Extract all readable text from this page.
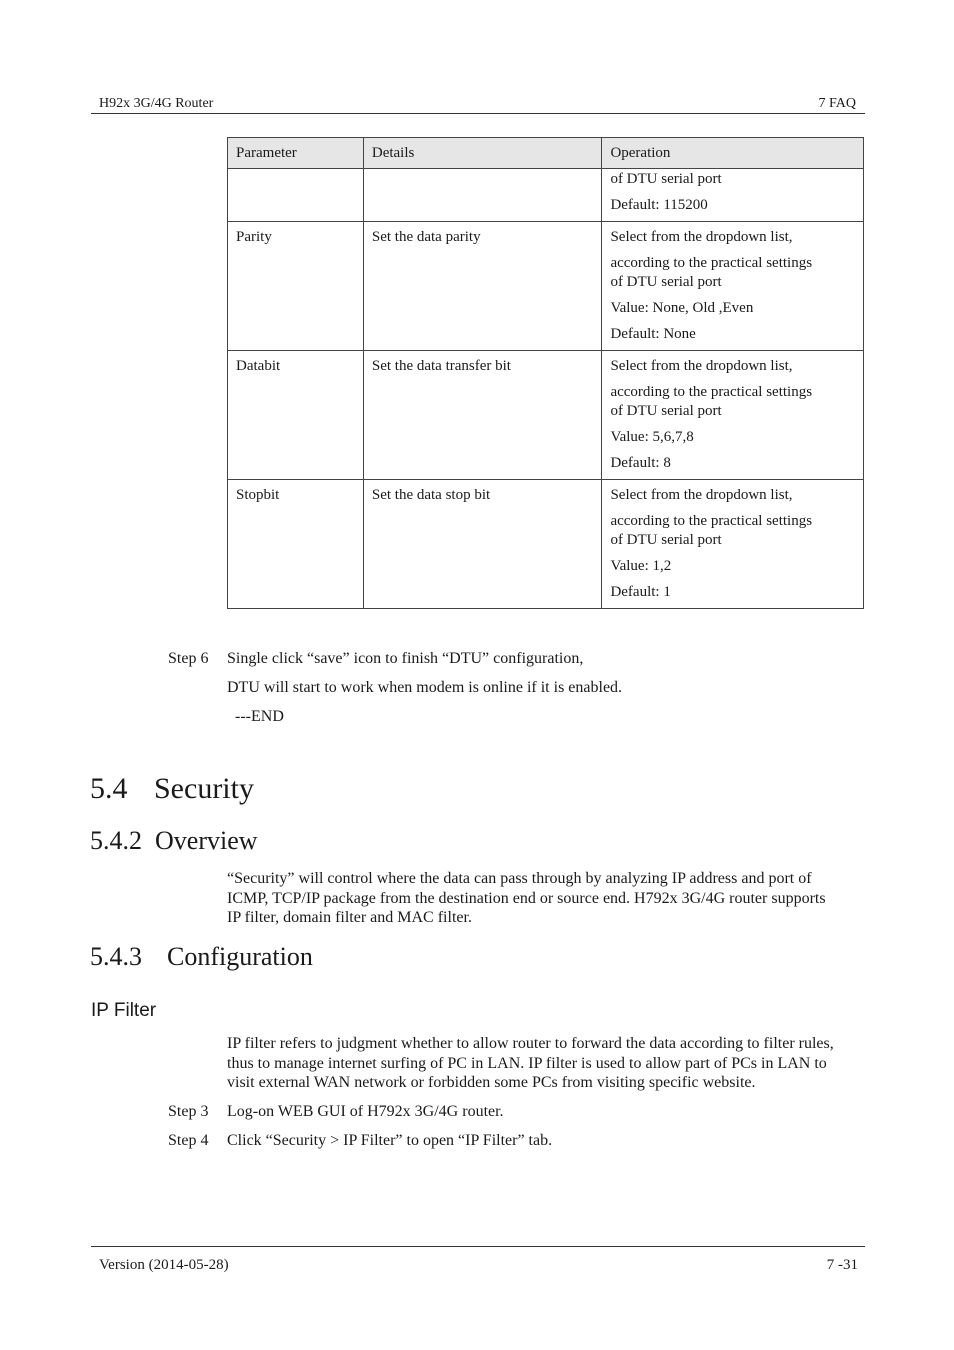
H92x 3G/4G Router	7 FAQ
Parameter	Details	Operation

		of DTU serial port
Default: 115200

Parity	Set the data parity	Select from the dropdown list,
according to the practical settings
of DTU serial port
Value: None, Old ,Even
Default: None

Databit	Set the data transfer bit	Select from the dropdown list,
according to the practical settings
of DTU serial port
Value: 5,6,7,8
Default: 8

Stopbit	Set the data stop bit	Select from the dropdown list,
according to the practical settings
of DTU serial port
Value: 1,2
Default: 1
Step 6 Single click “save” icon to finish “DTU” configuration,
DTU will start to work when modem is online if it is enabled.
---END
5.4 Security
5.4.2 Overview
“Security” will control where the data can pass through by analyzing IP address and port of
ICMP, TCP/IP package from the destination end or source end. H792x 3G/4G router supports
IP filter, domain filter and MAC filter.
5.4.3 Configuration
IP Filter
IP filter refers to judgment whether to allow router to forward the data according to filter rules,
thus to manage internet surfing of PC in LAN. IP filter is used to allow part of PCs in LAN to
visit external WAN network or forbidden some PCs from visiting specific website.
Step 3 Log-on WEB GUI of H792x 3G/4G router.
Step 4 Click “Security > IP Filter” to open “IP Filter” tab.
Version (2014-05-28)	7 -31
